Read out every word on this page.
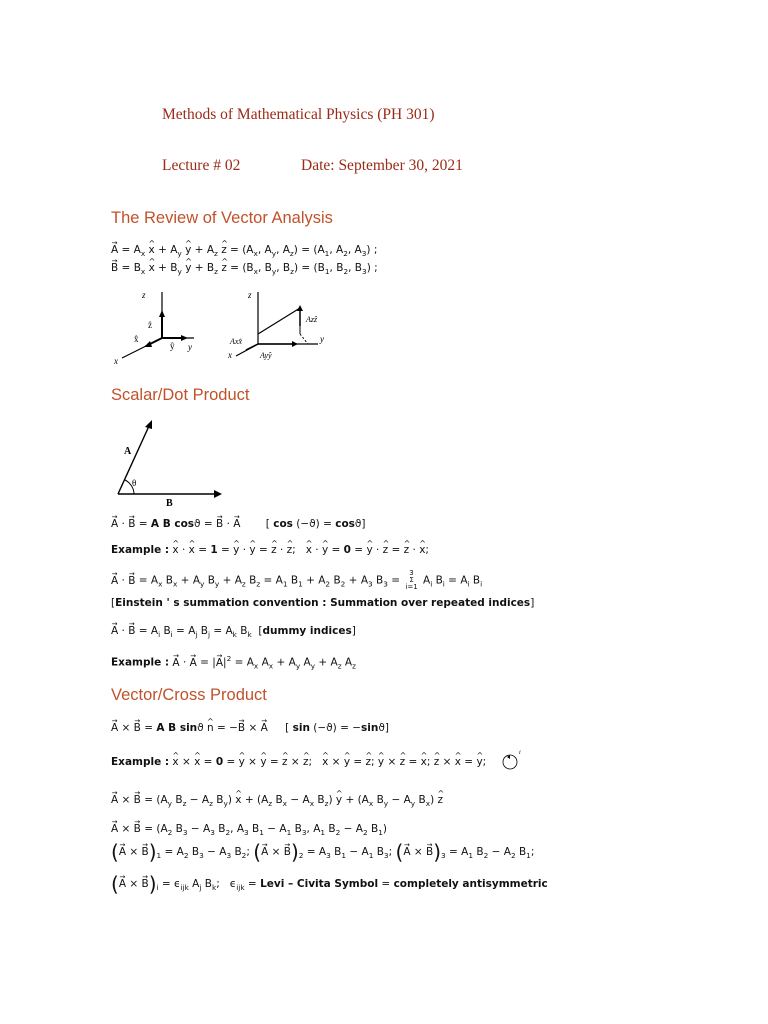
Methods of Mathematical Physics (PH 301)
Lecture # 02	Date: September 30, 2021
The Review of Vector Analysis
→ $A = A_x$ ^ $x + A_y$ ^ $y + A_z$ ^ $z = (A_x$, $A_y$, $A_z) = (A_1$, $A_2$, $A_3$) ;
→ $B = B_x$ ^ $x + B_y$ ^ $y + B_z$ ^ $z = (B_x$, $B_y$, $B_z) = (B_1$, $B_2$, $B_3$) ;
z
ẑ
x̂
ŷ y
x
z
Azẑ
Axx̂	y
x	Ayŷ
Scalar/Dot Product
A
θ
B
→ A · → B = A B cosϑ = → B · → A [ cos (−ϑ) = cosϑ]
Example : ^ x · ^ x = 1 = ^ y · ^ y = ^ z · ^ z;   ^ x · ^ y = 0 = ^ y · ^ z = ^ z · ^ x;
→ A · → $B = A_x$ $B_x + A_y$ $B_y + A_z$ $B_z = A_1$ $B_1 + A_2$ $B_2 + A_3$ $B_3 = 3$
Σ
i=1 $A_i$ $B_i = A_i$ $B_i$
[Einstein ' s summation convention : Summation over repeated indices]
→ A · → $B = A_i$ $B_i = A_j$ $B_j = A_k$ $B_k$  [dummy indices]
Example : → A · → A = |→ $A|^2 = A_x$ $A_x + A_y$ $A_y + A_z$ $A_z$
Vector/Cross Product
→ A × → B = A B sinϑ ^ n = −→ B × → A [ sin (−ϑ) = −sinϑ]
Example : ^ x × ^ x = 0 = ^ y × ^ y = ^ z × ^ z;   ^ x × ^ y = ^ z; ^ y × ^ z = ^ x; ^ z × ^ x = ^ y;
i
→ A × → $B = (A_y$ $B_z - A_z$ $B_y$) ^ $x + (A_z$ $B_x - A_x$ $B_z$) ^ $y + (A_x$ $B_y - A_y$ $B_x$) ^ z
→ A × → $B = (A_2$ $B_3 - A_3$ $B_2$, $A_3$ $B_1 - A_1$ $B_3$, $A_1$ $B_2 - A_2$ $B_1$)
(→ A × → $B)_1 = A_2$ $B_3 - A_3$ $B_2$; (→ A × → $B)_2 = A_3$ $B_1 - A_1$ $B_3$; (→ A × → $B)_3 = A_1$ $B_2 - A_2$ $B_1$;
(→ A × → $B)_i = \epsilon_{ijk}$ $A_j$ $B_k$;   $\epsilon_{ijk}$ = Levi – Civita Symbol = completely antisymmetric
